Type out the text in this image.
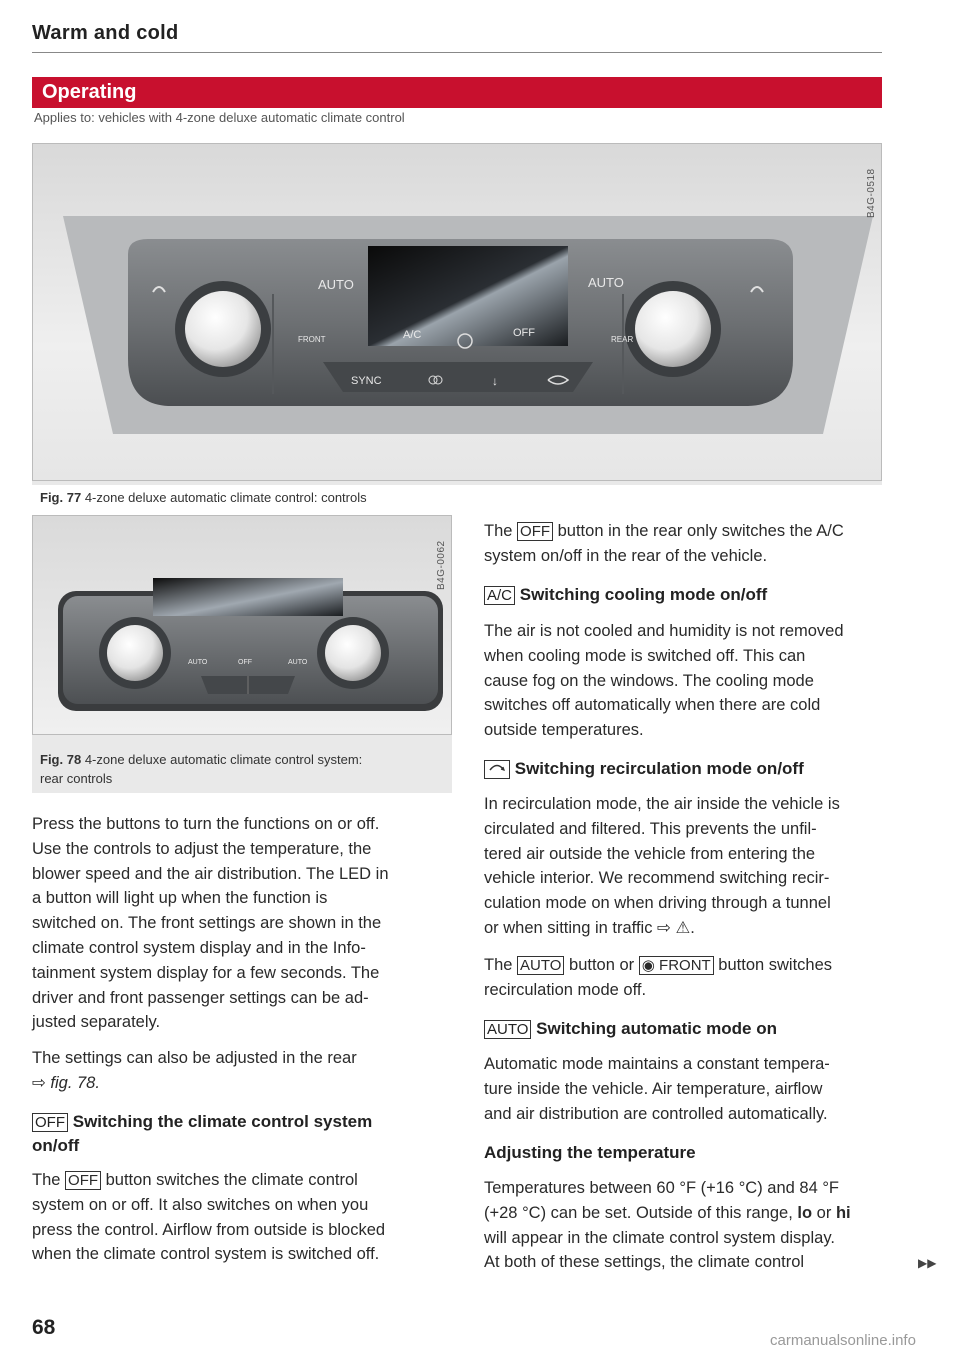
Warm and cold
Operating
Applies to: vehicles with 4-zone deluxe automatic climate control
AUTO	AUTO
FRONT	A/C	OFF
REAR
SYNC	↓
B4G-0518
Fig. 77 4-zone deluxe automatic climate control: controls
AUTO	OFF	AUTO
B4G-0062
Fig. 78 4-zone deluxe automatic climate control system:
rear controls
Press the buttons to turn the functions on or off.
Use the controls to adjust the temperature, the
blower speed and the air distribution. The LED in
a button will light up when the function is
switched on. The front settings are shown in the
climate control system display and in the Info-
tainment system display for a few seconds. The
driver and front passenger settings can be ad-
justed separately.
The settings can also be adjusted in the rear
⇨ fig. 78.
OFF Switching the climate control system
on/off
The OFF button switches the climate control
system on or off. It also switches on when you
press the control. Airflow from outside is blocked
when the climate control system is switched off.
The OFF button in the rear only switches the A/C
system on/off in the rear of the vehicle.
A/C Switching cooling mode on/off
The air is not cooled and humidity is not removed
when cooling mode is switched off. This can
cause fog on the windows. The cooling mode
switches off automatically when there are cold
outside temperatures.
Switching recirculation mode on/off
In recirculation mode, the air inside the vehicle is
circulated and filtered. This prevents the unfil-
tered air outside the vehicle from entering the
vehicle interior. We recommend switching recir-
culation mode on when driving through a tunnel
or when sitting in traffic ⇨ ⚠.
The AUTO button or ◉ FRONT button switches
recirculation mode off.
AUTO Switching automatic mode on
Automatic mode maintains a constant tempera-
ture inside the vehicle. Air temperature, airflow
and air distribution are controlled automatically.
Adjusting the temperature
Temperatures between 60 °F (+16 °C) and 84 °F
(+28 °C) can be set. Outside of this range, lo or hi
will appear in the climate control system display.
At both of these settings, the climate control	▶▶
68
carmanualsonline.info
